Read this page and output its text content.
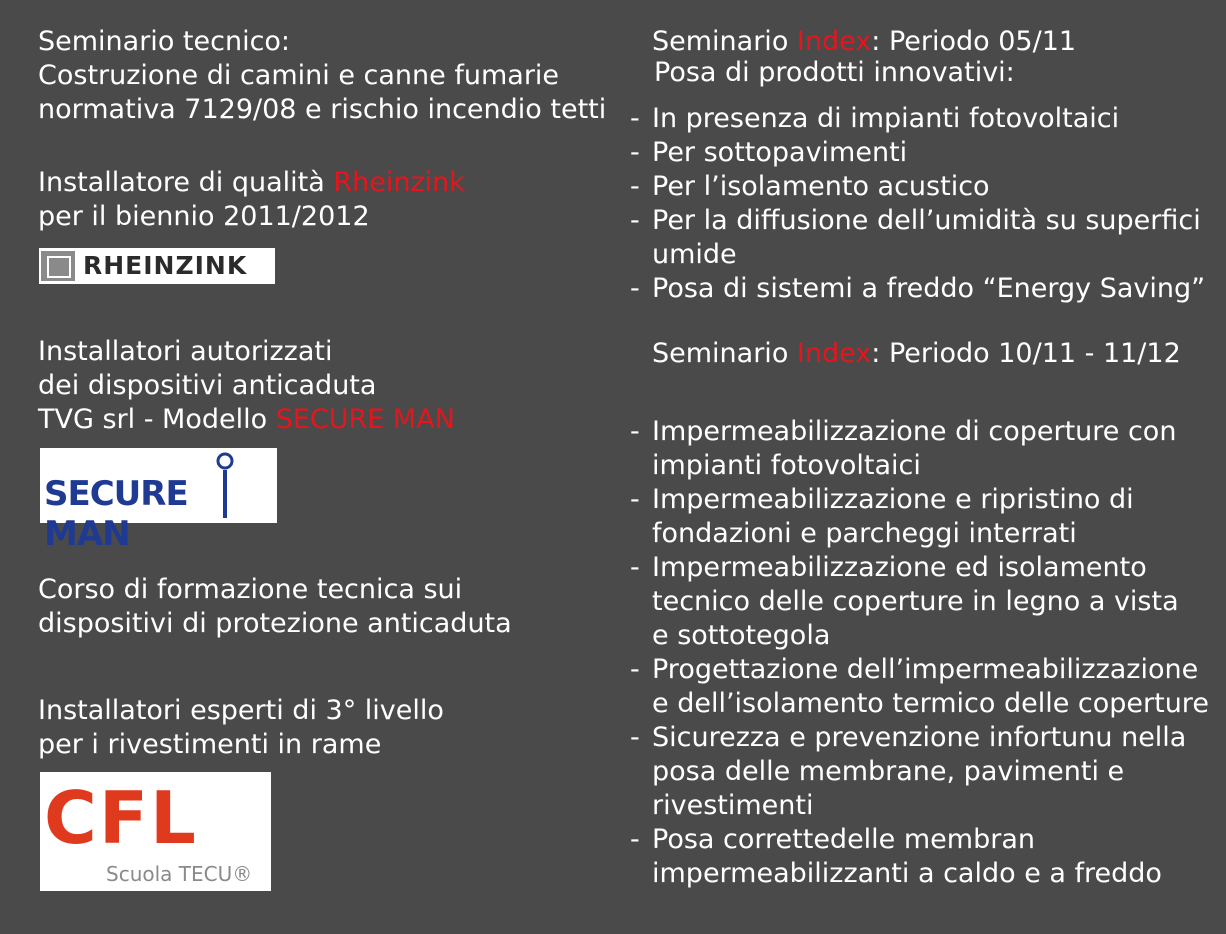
Seminario tecnico:
Costruzione di camini e canne fumarie
normativa 7129/08 e rischio incendio tetti
Installatore di qualità Rheinzink
per il biennio 2011/2012
RHEINZINK
Installatori autorizzati
dei dispositivi anticaduta
TVG srl - Modello SECURE MAN
SECURE MAN
Corso di formazione tecnica sui
dispositivi di protezione anticaduta
Installatori esperti di 3° livello
per i rivestimenti in rame
CFL
Scuola TECU®
Seminario Index: Periodo 05/11
Posa di prodotti innovativi:
- In presenza di impianti fotovoltaici
- Per sottopavimenti
- Per l’isolamento acustico
- Per la diffusione dell’umidità su superfici
umide
- Posa di sistemi a freddo “Energy Saving”
Seminario Index: Periodo 10/11 - 11/12
- Impermeabilizzazione di coperture con
impianti fotovoltaici
- Impermeabilizzazione e ripristino di
fondazioni e parcheggi interrati
- Impermeabilizzazione ed isolamento
tecnico delle coperture in legno a vista
e sottotegola
- Progettazione dell’impermeabilizzazione
e dell’isolamento termico delle coperture
- Sicurezza e prevenzione infortunu nella
posa delle membrane, pavimenti e
rivestimenti
- Posa correttedelle membran
impermeabilizzanti a caldo e a freddo
